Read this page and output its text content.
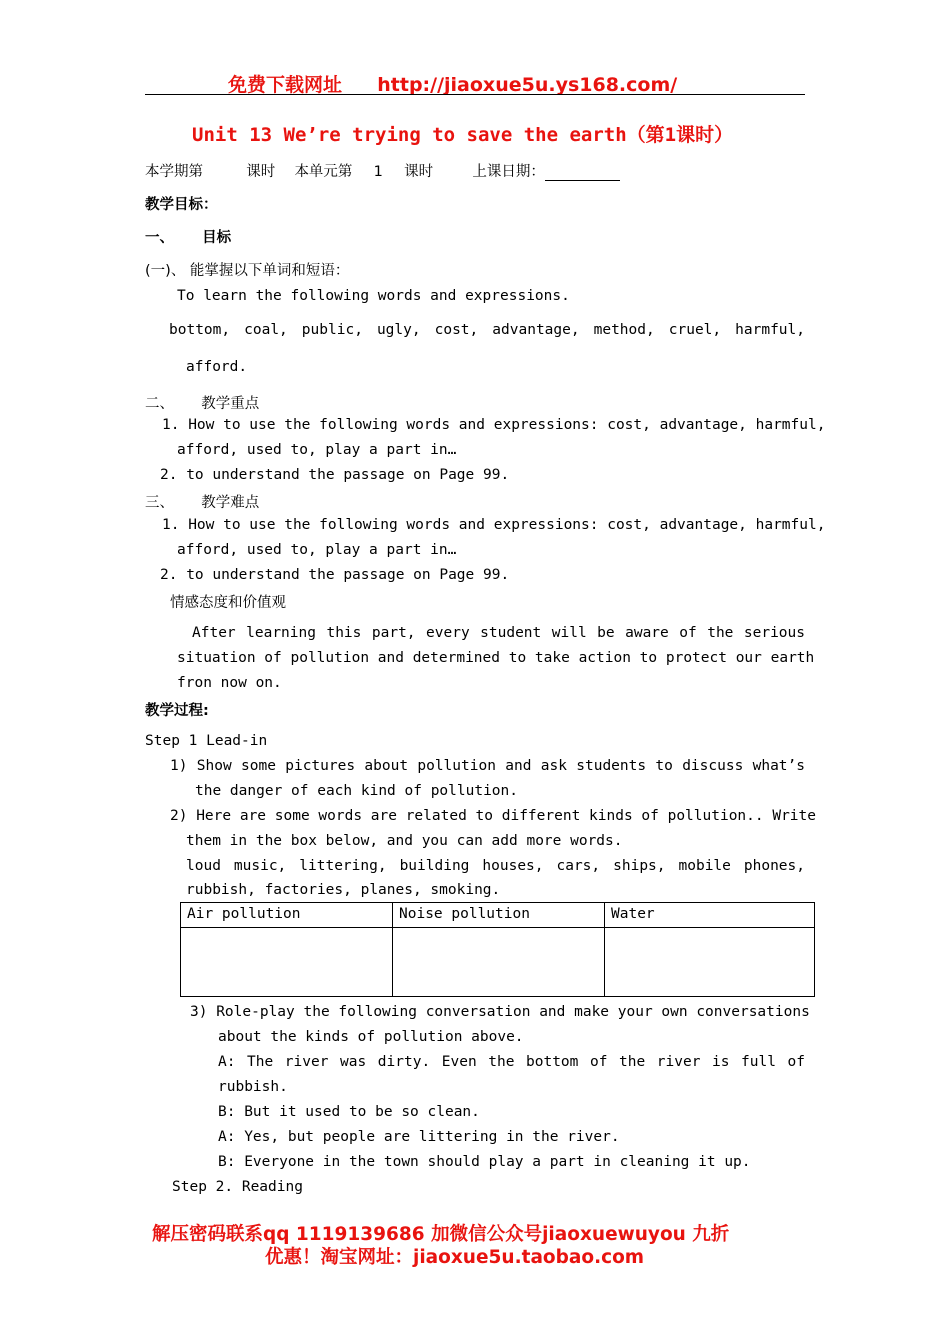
免费下载网址 http://jiaoxue5u.ys168.com/
Unit 13 We’re trying to save the earth（第1课时）
本学期第	课时 本单元第 1 课时	上课日期：
教学目标：
一、 目标
(一)、 能掌握以下单词和短语：
To learn the following words and expressions.
bottom, coal, public, ugly, cost, advantage, method, cruel, harmful,
afford.
二、 教学重点
1. How to use the following words and expressions: cost, advantage, harmful,
afford, used to, play a part in…
2. to understand the passage on Page 99.
三、 教学难点
1. How to use the following words and expressions: cost, advantage, harmful,
afford, used to, play a part in…
2. to understand the passage on Page 99.
情感态度和价值观
After learning this part, every student will be aware of the serious
situation of pollution and determined to take action to protect our earth
fron now on.
教学过程:
Step 1 Lead-in
1) Show some pictures about pollution and ask students to discuss what’s
the danger of each kind of pollution.
2) Here are some words are related to different kinds of pollution.. Write
them in the box below, and you can add more words.
loud music, littering, building houses, cars, ships, mobile phones,
rubbish, factories, planes, smoking.
Air pollution	Noise pollution	Water

3) Role-play the following conversation and make your own conversations
about the kinds of pollution above.
A: The river was dirty. Even the bottom of the river is full of
rubbish.
B: But it used to be so clean.
A: Yes, but people are littering in the river.
B: Everyone in the town should play a part in cleaning it up.
Step 2. Reading
解压密码联系qq 1119139686 加微信公众号jiaoxuewuyou 九折
优惠！淘宝网址：jiaoxue5u.taobao.com
